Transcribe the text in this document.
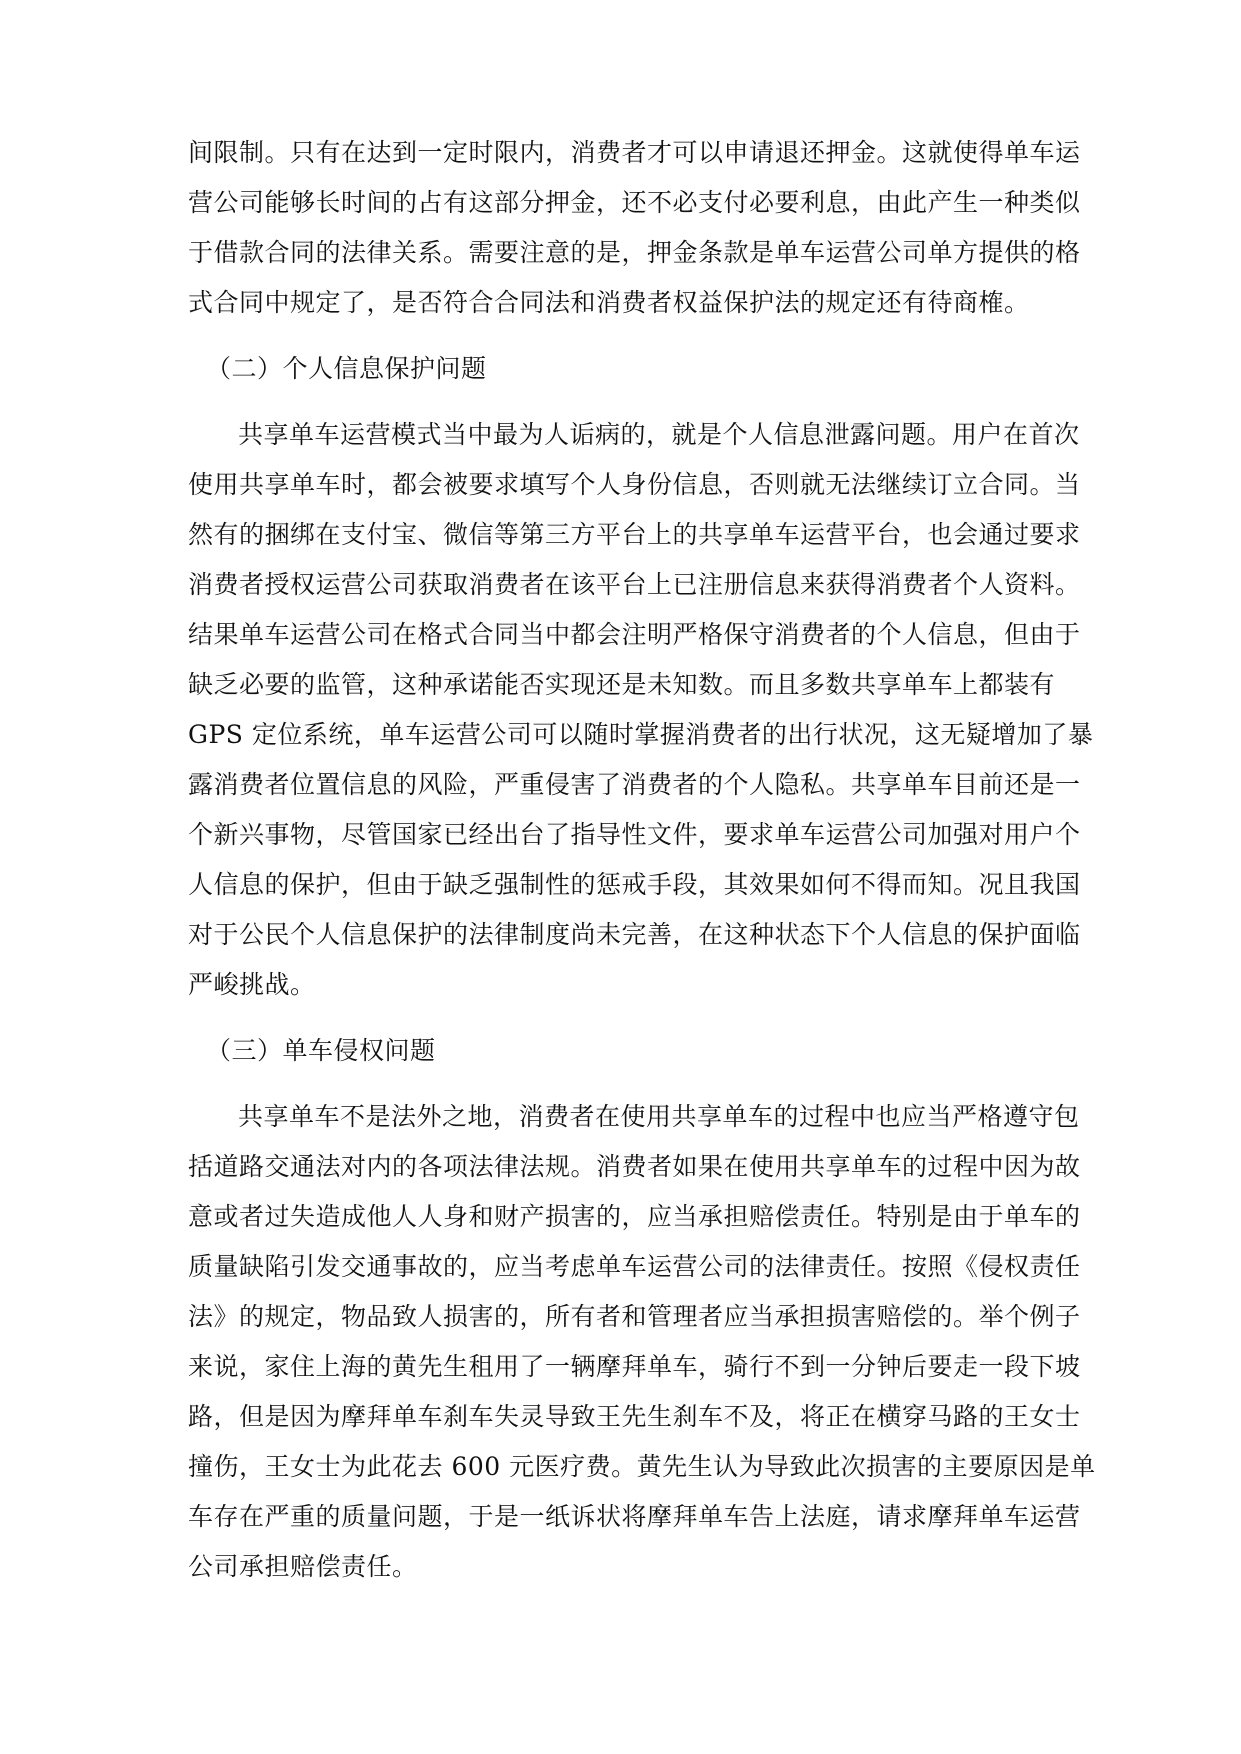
间限制。只有在达到一定时限内，消费者才可以申请退还押金。这就使得单车运
营公司能够长时间的占有这部分押金，还不必支付必要利息，由此产生一种类似
于借款合同的法律关系。需要注意的是，押金条款是单车运营公司单方提供的格
式合同中规定了，是否符合合同法和消费者权益保护法的规定还有待商榷。
（二）个人信息保护问题
共享单车运营模式当中最为人诟病的，就是个人信息泄露问题。用户在首次
使用共享单车时，都会被要求填写个人身份信息，否则就无法继续订立合同。当
然有的捆绑在支付宝、微信等第三方平台上的共享单车运营平台，也会通过要求
消费者授权运营公司获取消费者在该平台上已注册信息来获得消费者个人资料。
结果单车运营公司在格式合同当中都会注明严格保守消费者的个人信息，但由于
缺乏必要的监管，这种承诺能否实现还是未知数。而且多数共享单车上都装有
GPS 定位系统，单车运营公司可以随时掌握消费者的出行状况，这无疑增加了暴
露消费者位置信息的风险，严重侵害了消费者的个人隐私。共享单车目前还是一
个新兴事物，尽管国家已经出台了指导性文件，要求单车运营公司加强对用户个
人信息的保护，但由于缺乏强制性的惩戒手段，其效果如何不得而知。况且我国
对于公民个人信息保护的法律制度尚未完善，在这种状态下个人信息的保护面临
严峻挑战。
（三）单车侵权问题
共享单车不是法外之地，消费者在使用共享单车的过程中也应当严格遵守包
括道路交通法对内的各项法律法规。消费者如果在使用共享单车的过程中因为故
意或者过失造成他人人身和财产损害的，应当承担赔偿责任。特别是由于单车的
质量缺陷引发交通事故的，应当考虑单车运营公司的法律责任。按照《侵权责任
法》的规定，物品致人损害的，所有者和管理者应当承担损害赔偿的。举个例子
来说，家住上海的黄先生租用了一辆摩拜单车，骑行不到一分钟后要走一段下坡
路，但是因为摩拜单车刹车失灵导致王先生刹车不及，将正在横穿马路的王女士
撞伤，王女士为此花去 600 元医疗费。黄先生认为导致此次损害的主要原因是单
车存在严重的质量问题，于是一纸诉状将摩拜单车告上法庭，请求摩拜单车运营
公司承担赔偿责任。
